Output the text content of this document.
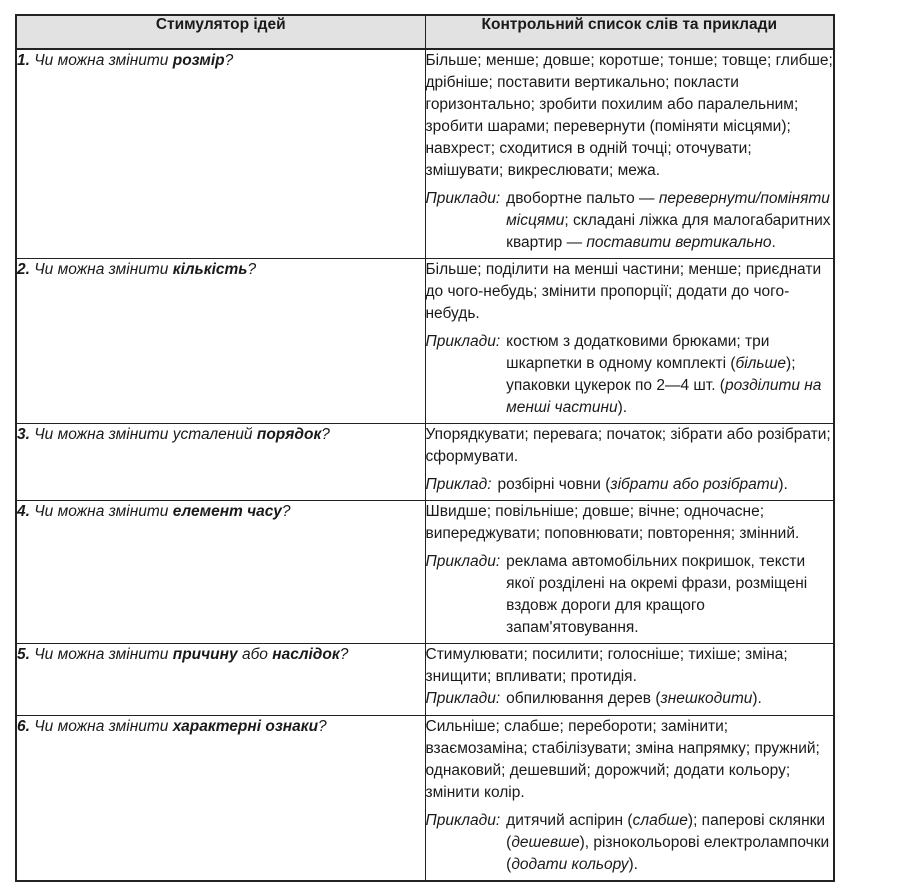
Стимулятор ідей	Контрольний список слів та приклади
1. Чи можна змінити розмір?	Більше; менше; довше; коротше; тонше; товще; глибше; дрібніше; поставити вертикально; покласти горизонтально; зробити похилим або паралельним; зробити шарами; перевернути (поміняти місцями); навхрест; сходитися в одній точці; оточувати; змішувати; викреслювати; межа.
Приклади: двобортне пальто — перевернути/поміняти місцями; складані ліжка для малогабаритних квартир — поставити вертикально.

2. Чи можна змінити кількість?	Більше; поділити на менші частини; менше; приєднати до чого-небудь; змінити пропорції; додати до чого-небудь.
Приклади: костюм з додатковими брюками; три шкарпетки в одному комплекті (більше); упаковки цукерок по 2—4 шт. (розділити на менші частини).

3. Чи можна змінити усталений порядок?	Упорядкувати; перевага; початок; зібрати або розібрати; сформувати.
Приклад: розбірні човни (зібрати або розібрати).

4. Чи можна змінити елемент часу?	Швидше; повільніше; довше; вічне; одночасне; випереджувати; поповнювати; повторення; змінний.
Приклади: реклама автомобільних покришок, тексти якої розділені на окремі фрази, розміщені вздовж дороги для кращого запам'ятовування.

5. Чи можна змінити причину або наслідок?	Стимулювати; посилити; голосніше; тихіше; зміна; знищити; впливати; протидія.
Приклади: обпилювання дерев (знешкодити).

6. Чи можна змінити характерні ознаки?	Сильніше; слабше; перебороти; замінити; взаємозаміна; стабілізувати; зміна напрямку; пружний; однаковий; дешевший; дорожчий; додати кольору; змінити колір.
Приклади: дитячий аспірин (слабше); паперові склянки (дешевше), різнокольорові електролампочки (додати кольору).
